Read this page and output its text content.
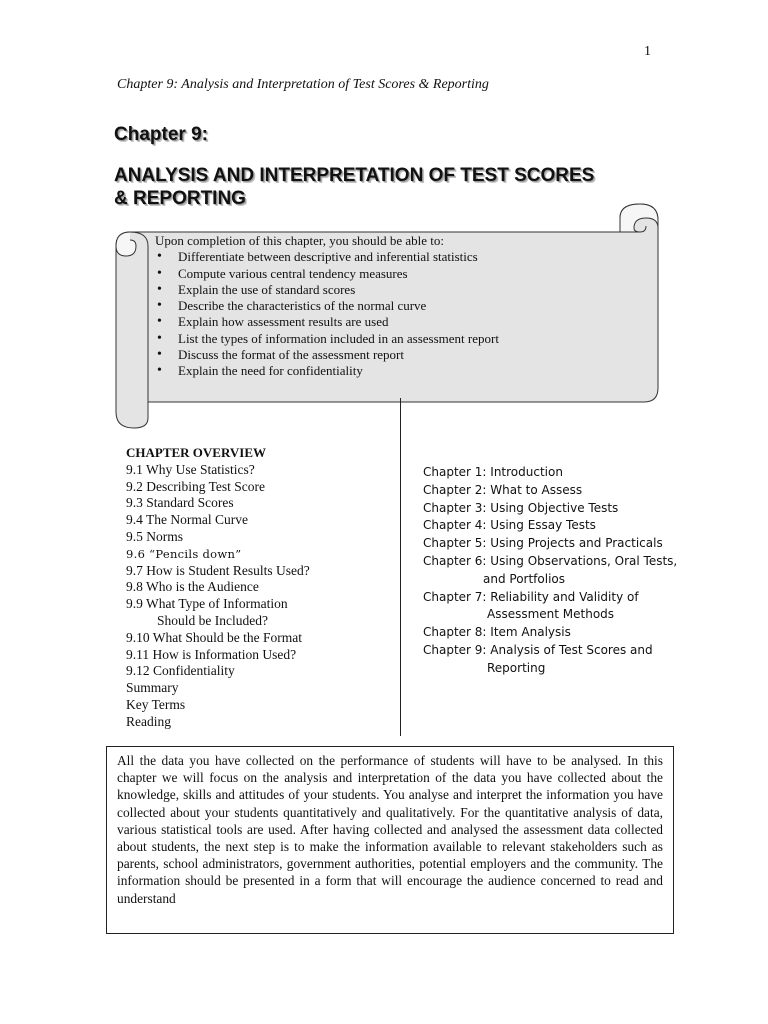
1
Chapter 9: Analysis and Interpretation of Test Scores & Reporting
Chapter 9:
ANALYSIS AND INTERPRETATION OF TEST SCORES
& REPORTING
Upon completion of this chapter, you should be able to:
• Differentiate between descriptive and inferential statistics
• Compute various central tendency measures
• Explain the use of standard scores
• Describe the characteristics of the normal curve
• Explain how assessment results are used
• List the types of information included in an assessment report
• Discuss the format of the assessment report
• Explain the need for confidentiality
CHAPTER OVERVIEW
9.1 Why Use Statistics?
9.2 Describing Test Score
9.3 Standard Scores
9.4 The Normal Curve
9.5 Norms
9.6 “Pencils down”
9.7 How is Student Results Used?
9.8 Who is the Audience
9.9 What Type of Information
Should be Included?
9.10 What Should be the Format
9.11 How is Information Used?
9.12 Confidentiality
Summary
Key Terms
Reading
Chapter 1: Introduction
Chapter 2: What to Assess
Chapter 3: Using Objective Tests
Chapter 4: Using Essay Tests
Chapter 5: Using Projects and Practicals
Chapter 6: Using Observations, Oral Tests,
and Portfolios
Chapter 7: Reliability and Validity of
Assessment Methods
Chapter 8: Item Analysis
Chapter 9: Analysis of Test Scores and
Reporting
All the data you have collected on the performance of students will have to be analysed. In this chapter we will focus on the analysis and interpretation of the data you have collected about the knowledge, skills and attitudes of your students. You analyse and interpret the information you have collected about your students quantitatively and qualitatively. For the quantitative analysis of data, various statistical tools are used. After having collected and analysed the assessment data collected about students, the next step is to make the information available to relevant stakeholders such as parents, school administrators, government authorities, potential employers and the community. The information should be presented in a form that will encourage the audience concerned to read and understand
